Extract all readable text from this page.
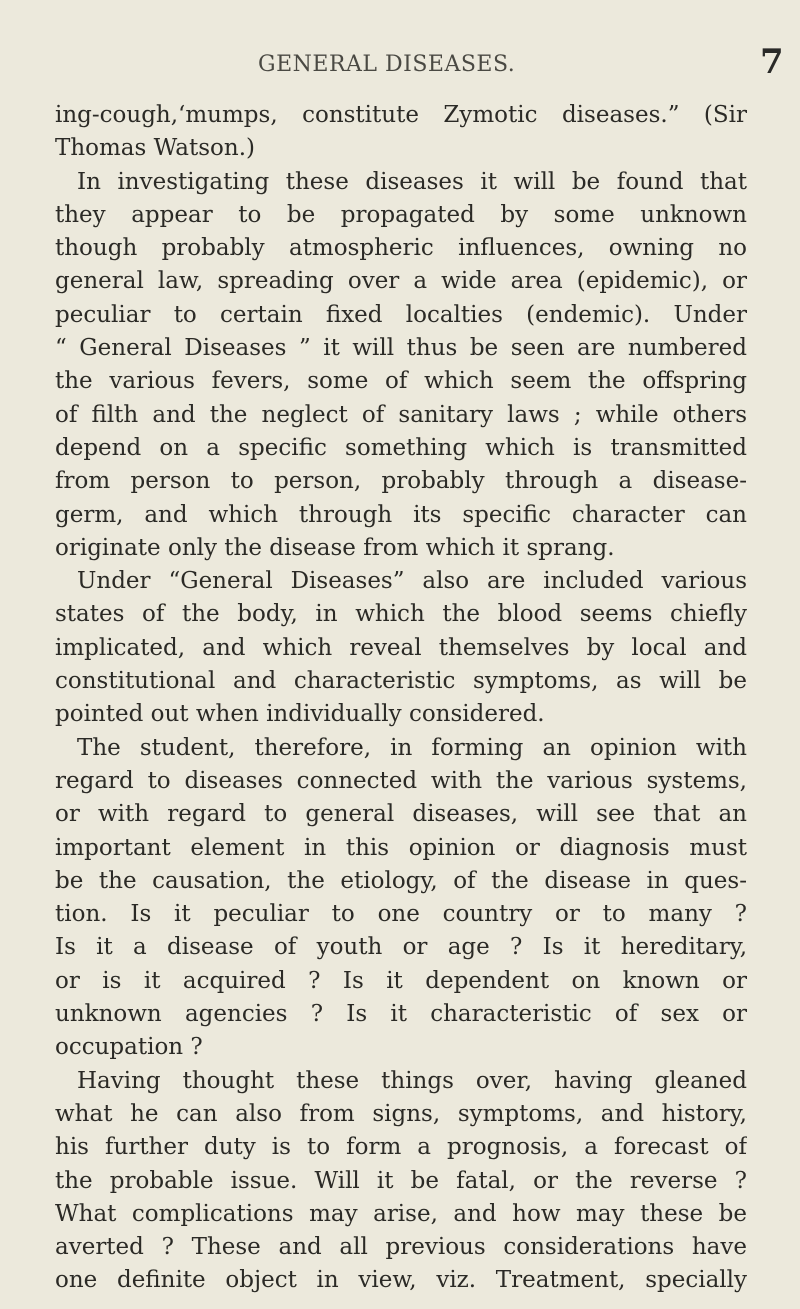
GENERAL DISEASES.	7
ing-cough,‘mumps, constitute Zymotic diseases.” (Sir
Thomas Watson.)
In investigating these diseases it will be found that
they appear to be propagated by some unknown
though probably atmospheric influences, owning no
general law, spreading over a wide area (epidemic), or
peculiar to certain fixed localties (endemic). Under
“ General Diseases ” it will thus be seen are numbered
the various fevers, some of which seem the offspring
of filth and the neglect of sanitary laws ; while others
depend on a specific something which is transmitted
from person to person, probably through a disease-
germ, and which through its specific character can
originate only the disease from which it sprang.
Under “General Diseases” also are included various
states of the body, in which the blood seems chiefly
implicated, and which reveal themselves by local and
constitutional and characteristic symptoms, as will be
pointed out when individually considered.
The student, therefore, in forming an opinion with
regard to diseases connected with the various systems,
or with regard to general diseases, will see that an
important element in this opinion or diagnosis must
be the causation, the etiology, of the disease in ques-
tion. Is it peculiar to one country or to many ?
Is it a disease of youth or age ? Is it hereditary,
or is it acquired ? Is it dependent on known or
unknown agencies ? Is it characteristic of sex or
occupation ?
Having thought these things over, having gleaned
what he can also from signs, symptoms, and history,
his further duty is to form a prognosis, a forecast of
the probable issue. Will it be fatal, or the reverse ?
What complications may arise, and how may these be
averted ? These and all previous considerations have
one definite object in view, viz. Treatment, specially
